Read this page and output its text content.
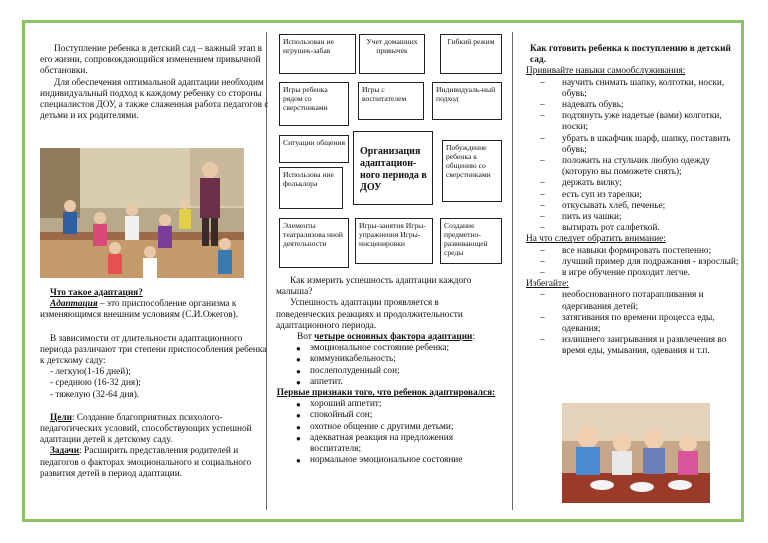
Поступление ребенка в детский сад – важный этап в его жизни, сопровождающийся изменением привычной обстановки.

Для обеспечения оптимальной адаптации необходим индивидуальный подход к каждому ребенку со стороны специалистов ДОУ, а также слаженная работа педагогов с детьми и их родителями.

Что такое адаптация?

Адаптация – это приспособление организма к изменяющимся внешним условиям (С.И.Ожегов).

В зависимости от длительности адаптационного периода различают три степени приспособления ребенка к детскому саду:

- легкую(1-16 дней);

- среднюю (16-32 дня);

- тяжелую (32-64 дня).

Цели: Создание благоприятных психолого-педагогических условий, способствующих успешной адаптации детей к детскому саду.

Задачи: Расширить представления родителей и педагогов о факторах эмоционального и социального развития детей в период адаптации.

Использован ие игрушек-забав
Учет домашних привычек
Гибкий режим
Игры ребенка рядом со сверстниками
Игры с воспитателем
Индивидуаль-ный подход
Ситуации общения
Организация адаптацион-ного периода в ДОУ
Побуждение ребенка к общению со сверстниками
Использова ние фольклора
Элементы театрализова нной деятельности
Игры-занятия Игры-упражнения Игры-инсценировки
Создание предметно-развивающей среды

Как измерить успешность адаптации каждого малыша?

Успешность адаптации проявляется в поведенческих реакциях и продолжительности адаптационного периода.

Вот четыре основных фактора адаптации:

● эмоциональное состояние ребенка;
● коммуникабельность;
● послеполуденный сон;
● аппетит.

Первые признаки того, что ребенок адаптировался:

● хороший аппетит;
● спокойный сон;
● охотное общение с другими детьми;
● адекватная реакция на предложения воспитателя;
● нормальное эмоциональное состояние

Как готовить ребенка к поступлению в детский сад.

Прививайте навыки самообслуживания:

– научить снимать шапку, колготки, носки, обувь;
– надевать обувь;
– подтянуть уже надетые (вами) колготки, носки;
– убрать в шкафчик шарф, шапку, поставить обувь;
– положить на стульчик любую одежду (которую вы поможете снять);
– держать вилку;
– есть суп из тарелки;
– откусывать хлеб, печенье;
– пить из чашки;
– вытирать рот салфеткой.

На что следует обратить внимание:

– все навыки формировать постепенно;
– лучший пример для подражания - взрослый;
– в игре обучение проходит легче.

Избегайте:

– необоснованного потарапливания и одергивания детей;
– затягивания по времени процесса еды, одевания;
– излишнего заигрывания и развлечения во время еды, умывания, одевания и т.п.
